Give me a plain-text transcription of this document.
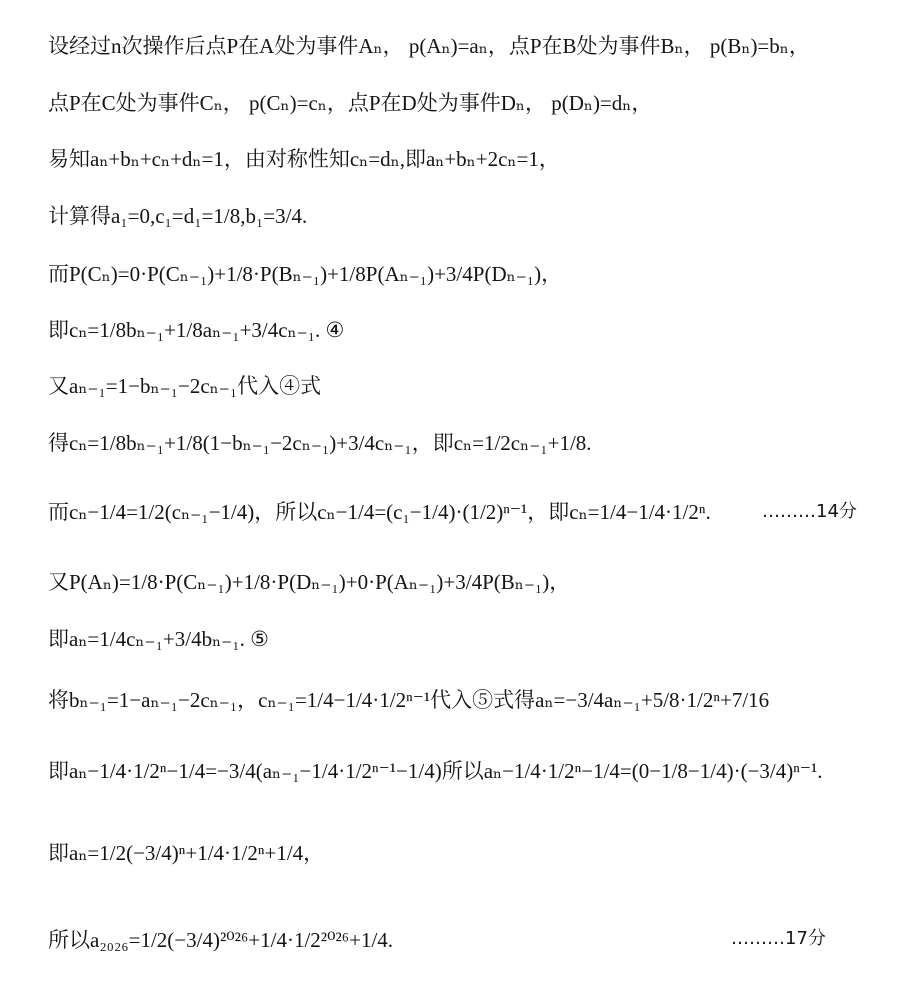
设经过n次操作后点P在A处为事件Aₙ， p(Aₙ)=aₙ，点P在B处为事件Bₙ， p(Bₙ)=bₙ，
点P在C处为事件Cₙ， p(Cₙ)=cₙ，点P在D处为事件Dₙ， p(Dₙ)=dₙ，
易知aₙ+bₙ+cₙ+dₙ=1，由对称性知cₙ=dₙ,即aₙ+bₙ+2cₙ=1，
计算得a₁=0,c₁=d₁=1/8,b₁=3/4.
而P(Cₙ)=0·P(Cₙ₋₁)+1/8·P(Bₙ₋₁)+1/8P(Aₙ₋₁)+3/4P(Dₙ₋₁)，
即cₙ=1/8bₙ₋₁+1/8aₙ₋₁+3/4cₙ₋₁. ④
又aₙ₋₁=1−bₙ₋₁−2cₙ₋₁代入④式
得cₙ=1/8bₙ₋₁+1/8(1−bₙ₋₁−2cₙ₋₁)+3/4cₙ₋₁，即cₙ=1/2cₙ₋₁+1/8.
而cₙ−1/4=1/2(cₙ₋₁−1/4)，所以cₙ−1/4=(c₁−1/4)·(1/2)ⁿ⁻¹，即cₙ=1/4−1/4·1/2ⁿ.
又P(Aₙ)=1/8·P(Cₙ₋₁)+1/8·P(Dₙ₋₁)+0·P(Aₙ₋₁)+3/4P(Bₙ₋₁)，
即aₙ=1/4cₙ₋₁+3/4bₙ₋₁. ⑤
将bₙ₋₁=1−aₙ₋₁−2cₙ₋₁，cₙ₋₁=1/4−1/4·1/2ⁿ⁻¹代入⑤式得aₙ=−3/4aₙ₋₁+5/8·1/2ⁿ+7/16
即aₙ−1/4·1/2ⁿ−1/4=−3/4(aₙ₋₁−1/4·1/2ⁿ⁻¹−1/4)所以aₙ−1/4·1/2ⁿ−1/4=(0−1/8−1/4)·(−3/4)ⁿ⁻¹.
即aₙ=1/2(−3/4)ⁿ+1/4·1/2ⁿ+1/4，
所以a₂₀₂₆=1/2(−3/4)²⁰²⁶+1/4·1/2²⁰²⁶+1/4.
………14分
………17分
